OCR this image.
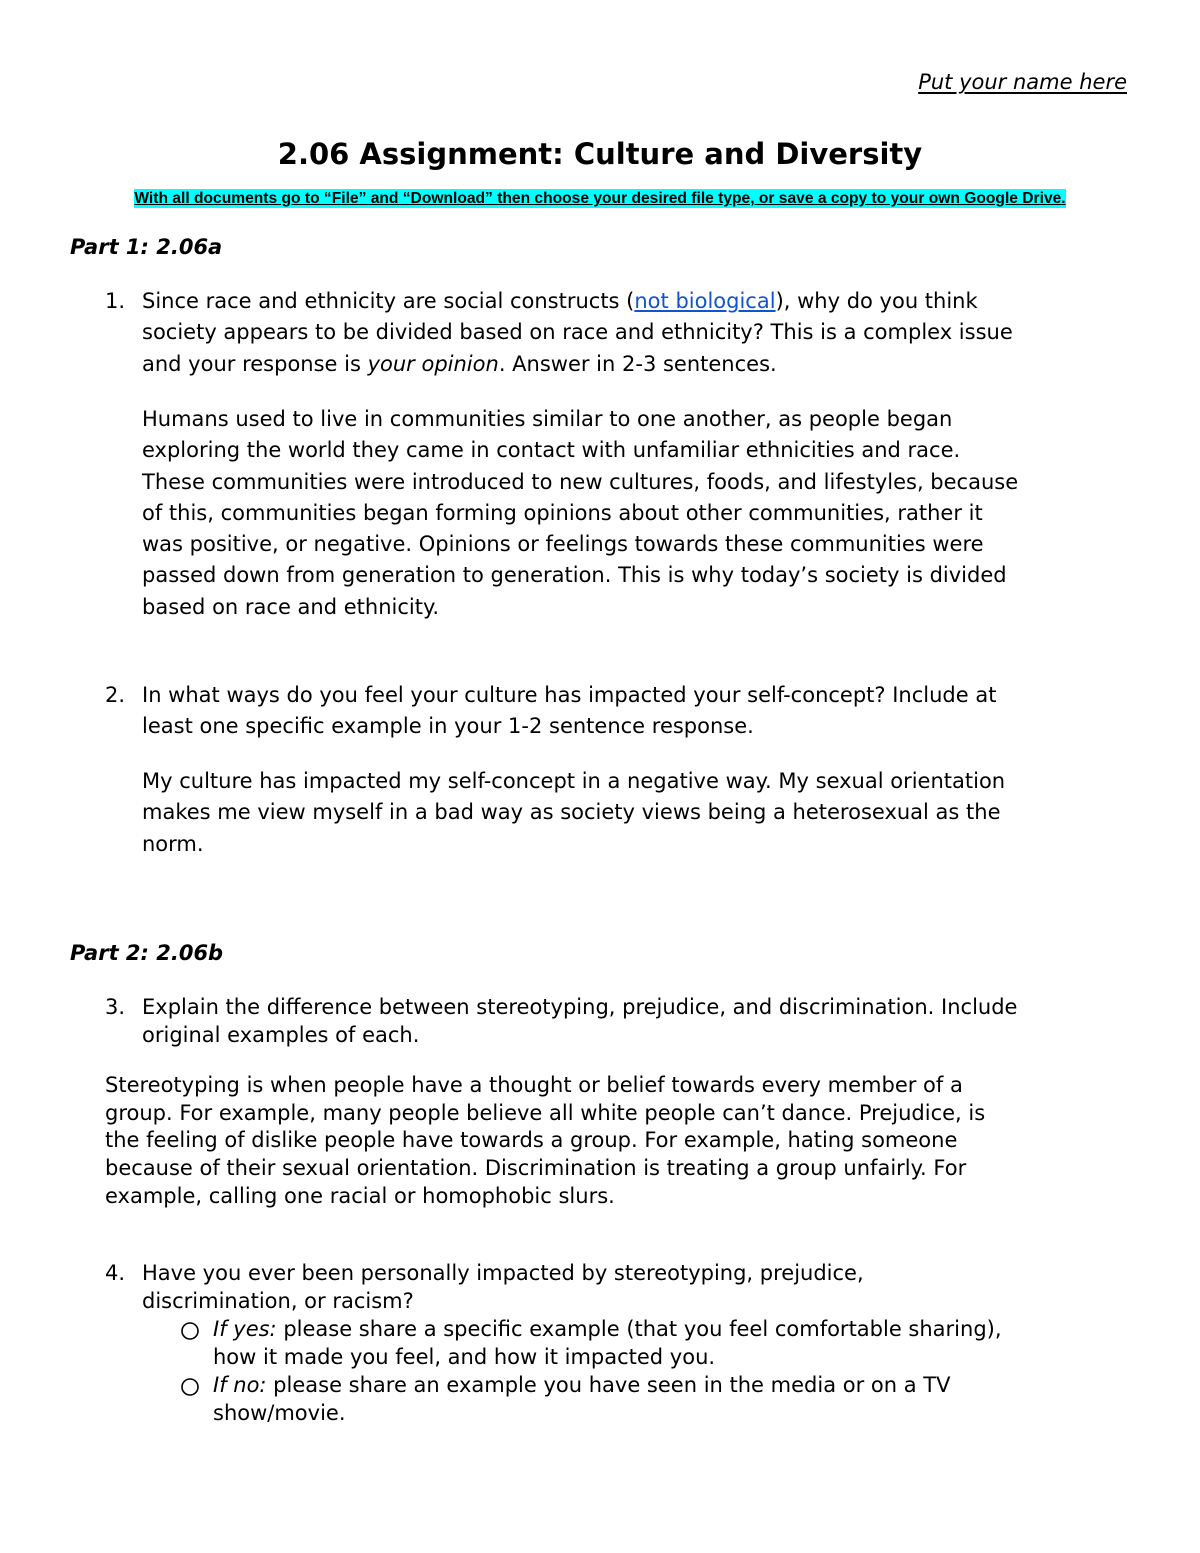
Put your name here
2.06 Assignment: Culture and Diversity
With all documents go to “File” and “Download” then choose your desired file type, or save a copy to your own Google Drive.
Part 1: 2.06a
1. Since race and ethnicity are social constructs (not biological), why do you think
society appears to be divided based on race and ethnicity? This is a complex issue
and your response is your opinion. Answer in 2-3 sentences.
Humans used to live in communities similar to one another, as people began
exploring the world they came in contact with unfamiliar ethnicities and race.
These communities were introduced to new cultures, foods, and lifestyles, because
of this, communities began forming opinions about other communities, rather it
was positive, or negative. Opinions or feelings towards these communities were
passed down from generation to generation. This is why today’s society is divided
based on race and ethnicity.
2. In what ways do you feel your culture has impacted your self-concept? Include at
least one specific example in your 1-2 sentence response.
My culture has impacted my self-concept in a negative way. My sexual orientation
makes me view myself in a bad way as society views being a heterosexual as the
norm.
Part 2: 2.06b
3. Explain the difference between stereotyping, prejudice, and discrimination. Include
original examples of each.
Stereotyping is when people have a thought or belief towards every member of a
group. For example, many people believe all white people can’t dance. Prejudice, is
the feeling of dislike people have towards a group. For example, hating someone
because of their sexual orientation. Discrimination is treating a group unfairly. For
example, calling one racial or homophobic slurs.
4. Have you ever been personally impacted by stereotyping, prejudice,
discrimination, or racism?
If yes: please share a specific example (that you feel comfortable sharing),
how it made you feel, and how it impacted you.
If no: please share an example you have seen in the media or on a TV
show/movie.
